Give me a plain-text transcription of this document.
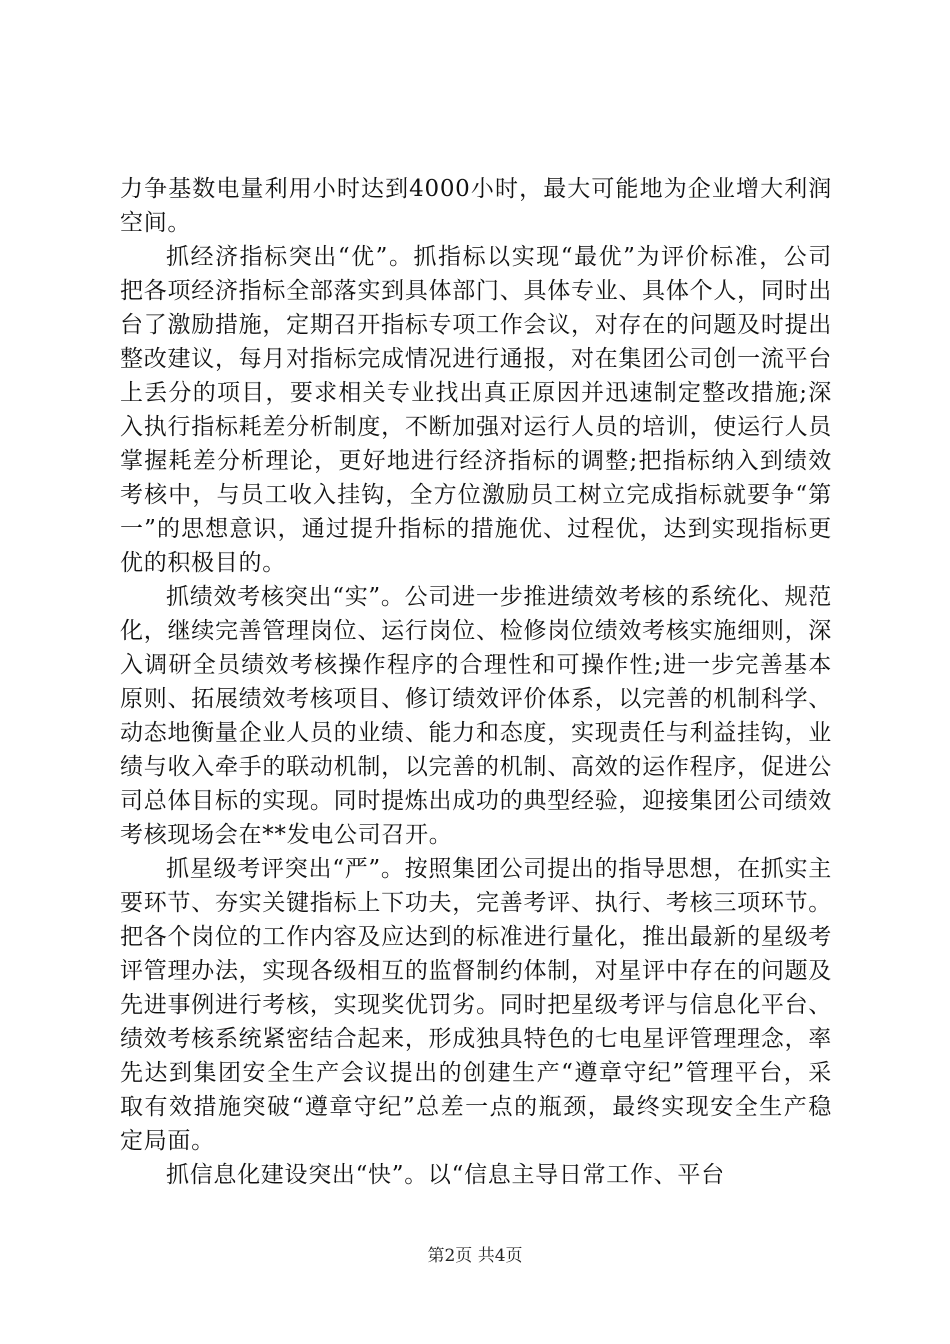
力争基数电量利用小时达到4000小时，最大可能地为企业增大利润空间。

抓经济指标突出“优”。抓指标以实现“最优”为评价标准，公司把各项经济指标全部落实到具体部门、具体专业、具体个人，同时出台了激励措施，定期召开指标专项工作会议，对存在的问题及时提出整改建议，每月对指标完成情况进行通报，对在集团公司创一流平台上丢分的项目，要求相关专业找出真正原因并迅速制定整改措施;深入执行指标耗差分析制度，不断加强对运行人员的培训，使运行人员掌握耗差分析理论，更好地进行经济指标的调整;把指标纳入到绩效考核中，与员工收入挂钩，全方位激励员工树立完成指标就要争“第一”的思想意识，通过提升指标的措施优、过程优，达到实现指标更优的积极目的。

抓绩效考核突出“实”。公司进一步推进绩效考核的系统化、规范化，继续完善管理岗位、运行岗位、检修岗位绩效考核实施细则，深入调研全员绩效考核操作程序的合理性和可操作性;进一步完善基本原则、拓展绩效考核项目、修订绩效评价体系，以完善的机制科学、动态地衡量企业人员的业绩、能力和态度，实现责任与利益挂钩，业绩与收入牵手的联动机制，以完善的机制、高效的运作程序，促进公司总体目标的实现。同时提炼出成功的典型经验，迎接集团公司绩效考核现场会在**发电公司召开。

抓星级考评突出“严”。按照集团公司提出的指导思想，在抓实主要环节、夯实关键指标上下功夫，完善考评、执行、考核三项环节。把各个岗位的工作内容及应达到的标准进行量化，推出最新的星级考评管理办法，实现各级相互的监督制约体制，对星评中存在的问题及先进事例进行考核，实现奖优罚劣。同时把星级考评与信息化平台、绩效考核系统紧密结合起来，形成独具特色的七电星评管理理念，率先达到集团安全生产会议提出的创建生产“遵章守纪”管理平台，采取有效措施突破“遵章守纪”总差一点的瓶颈，最终实现安全生产稳定局面。

抓信息化建设突出“快”。以“信息主导日常工作、平台

第2页 共4页
